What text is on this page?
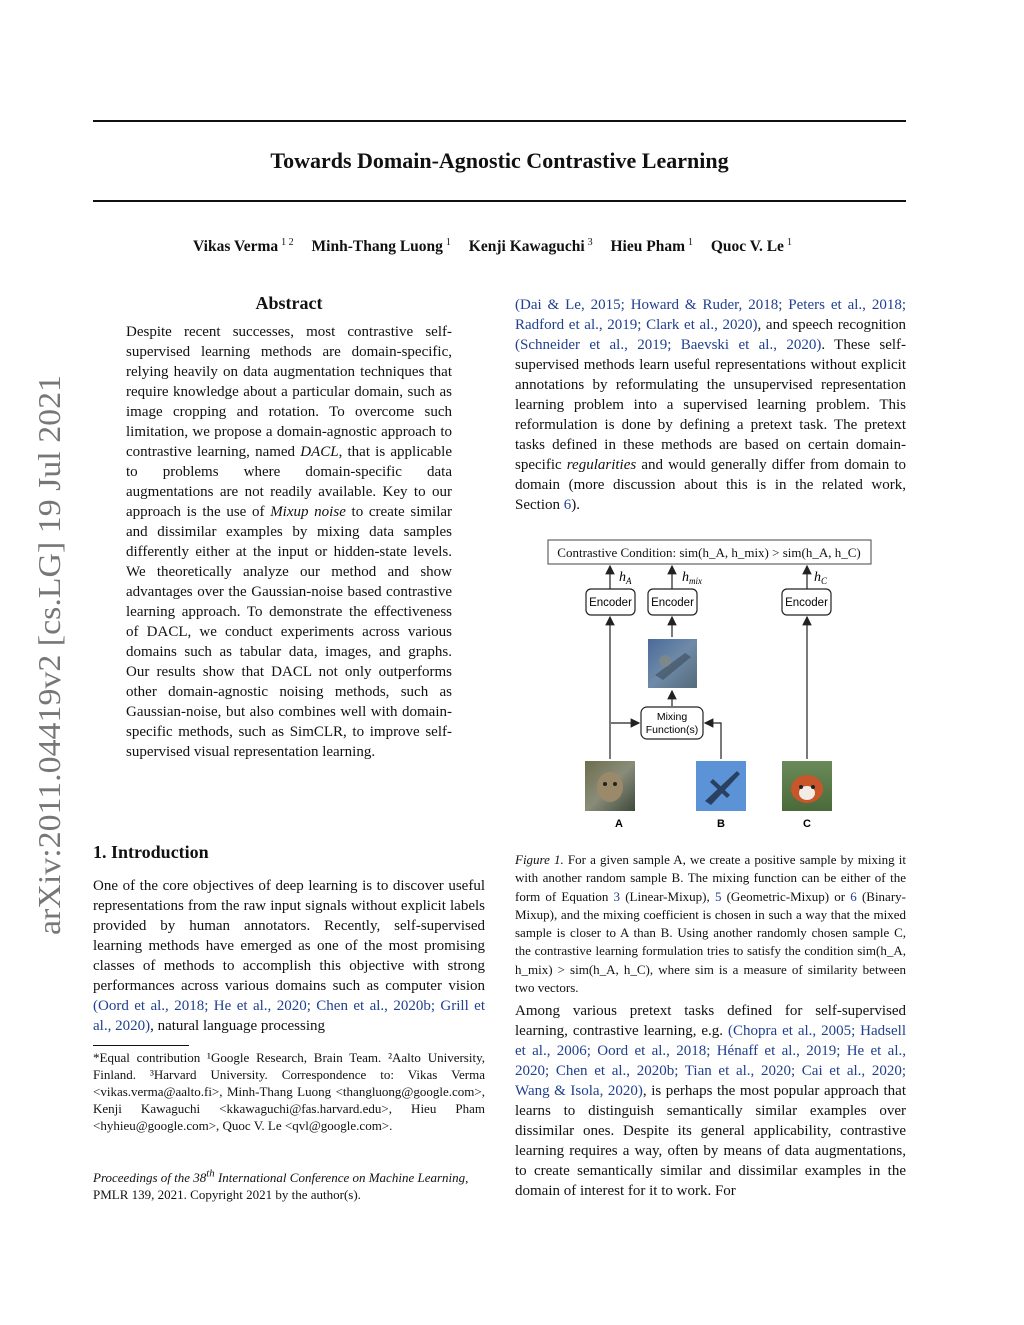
arXiv:2011.04419v2 [cs.LG] 19 Jul 2021
Towards Domain-Agnostic Contrastive Learning
Vikas Verma $^{1 2}$ Minh-Thang Luong $^1$ Kenji Kawaguchi $^3$ Hieu Pham $^1$ Quoc V. Le $^1$
Abstract
Despite recent successes, most contrastive self-supervised learning methods are domain-specific, relying heavily on data augmentation techniques that require knowledge about a particular domain, such as image cropping and rotation. To overcome such limitation, we propose a domain-agnostic approach to contrastive learning, named DACL, that is applicable to problems where domain-specific data augmentations are not readily available. Key to our approach is the use of Mixup noise to create similar and dissimilar examples by mixing data samples differently either at the input or hidden-state levels. We theoretically analyze our method and show advantages over the Gaussian-noise based contrastive learning approach. To demonstrate the effectiveness of DACL, we conduct experiments across various domains such as tabular data, images, and graphs. Our results show that DACL not only outperforms other domain-agnostic noising methods, such as Gaussian-noise, but also combines well with domain-specific methods, such as SimCLR, to improve self-supervised visual representation learning.
1. Introduction
One of the core objectives of deep learning is to discover useful representations from the raw input signals without explicit labels provided by human annotators. Recently, self-supervised learning methods have emerged as one of the most promising classes of methods to accomplish this objective with strong performances across various domains such as computer vision (Oord et al., 2018; He et al., 2020; Chen et al., 2020b; Grill et al., 2020), natural language processing
*Equal contribution ¹Google Research, Brain Team. ²Aalto University, Finland. ³Harvard University. Correspondence to: Vikas Verma <vikas.verma@aalto.fi>, Minh-Thang Luong <thangluong@google.com>, Kenji Kawaguchi <kkawaguchi@fas.harvard.edu>, Hieu Pham <hyhieu@google.com>, Quoc V. Le <qvl@google.com>.
Proceedings of the 38th International Conference on Machine Learning, PMLR 139, 2021. Copyright 2021 by the author(s).
(Dai & Le, 2015; Howard & Ruder, 2018; Peters et al., 2018; Radford et al., 2019; Clark et al., 2020), and speech recognition (Schneider et al., 2019; Baevski et al., 2020). These self-supervised methods learn useful representations without explicit annotations by reformulating the unsupervised representation learning problem into a supervised learning problem. This reformulation is done by defining a pretext task. The pretext tasks defined in these methods are based on certain domain-specific regularities and would generally differ from domain to domain (more discussion about this is in the related work, Section 6).
Contrastive Condition: sim(h_A, h_mix) > sim(h_A, h_C)
$h_A$	$h_{mix}$	$h_C$
Encoder Encoder	Encoder
Mixing
Function(s)
A	B	C
Figure 1. For a given sample A, we create a positive sample by mixing it with another random sample B. The mixing function can be either of the form of Equation 3 (Linear-Mixup), 5 (Geometric-Mixup) or 6 (Binary-Mixup), and the mixing coefficient is chosen in such a way that the mixed sample is closer to A than B. Using another randomly chosen sample C, the contrastive learning formulation tries to satisfy the condition sim(h_A, h_mix) > sim(h_A, h_C), where sim is a measure of similarity between two vectors.
Among various pretext tasks defined for self-supervised learning, contrastive learning, e.g. (Chopra et al., 2005; Hadsell et al., 2006; Oord et al., 2018; Hénaff et al., 2019; He et al., 2020; Chen et al., 2020b; Tian et al., 2020; Cai et al., 2020; Wang & Isola, 2020), is perhaps the most popular approach that learns to distinguish semantically similar examples over dissimilar ones. Despite its general applicability, contrastive learning requires a way, often by means of data augmentations, to create semantically similar and dissimilar examples in the domain of interest for it to work. For
